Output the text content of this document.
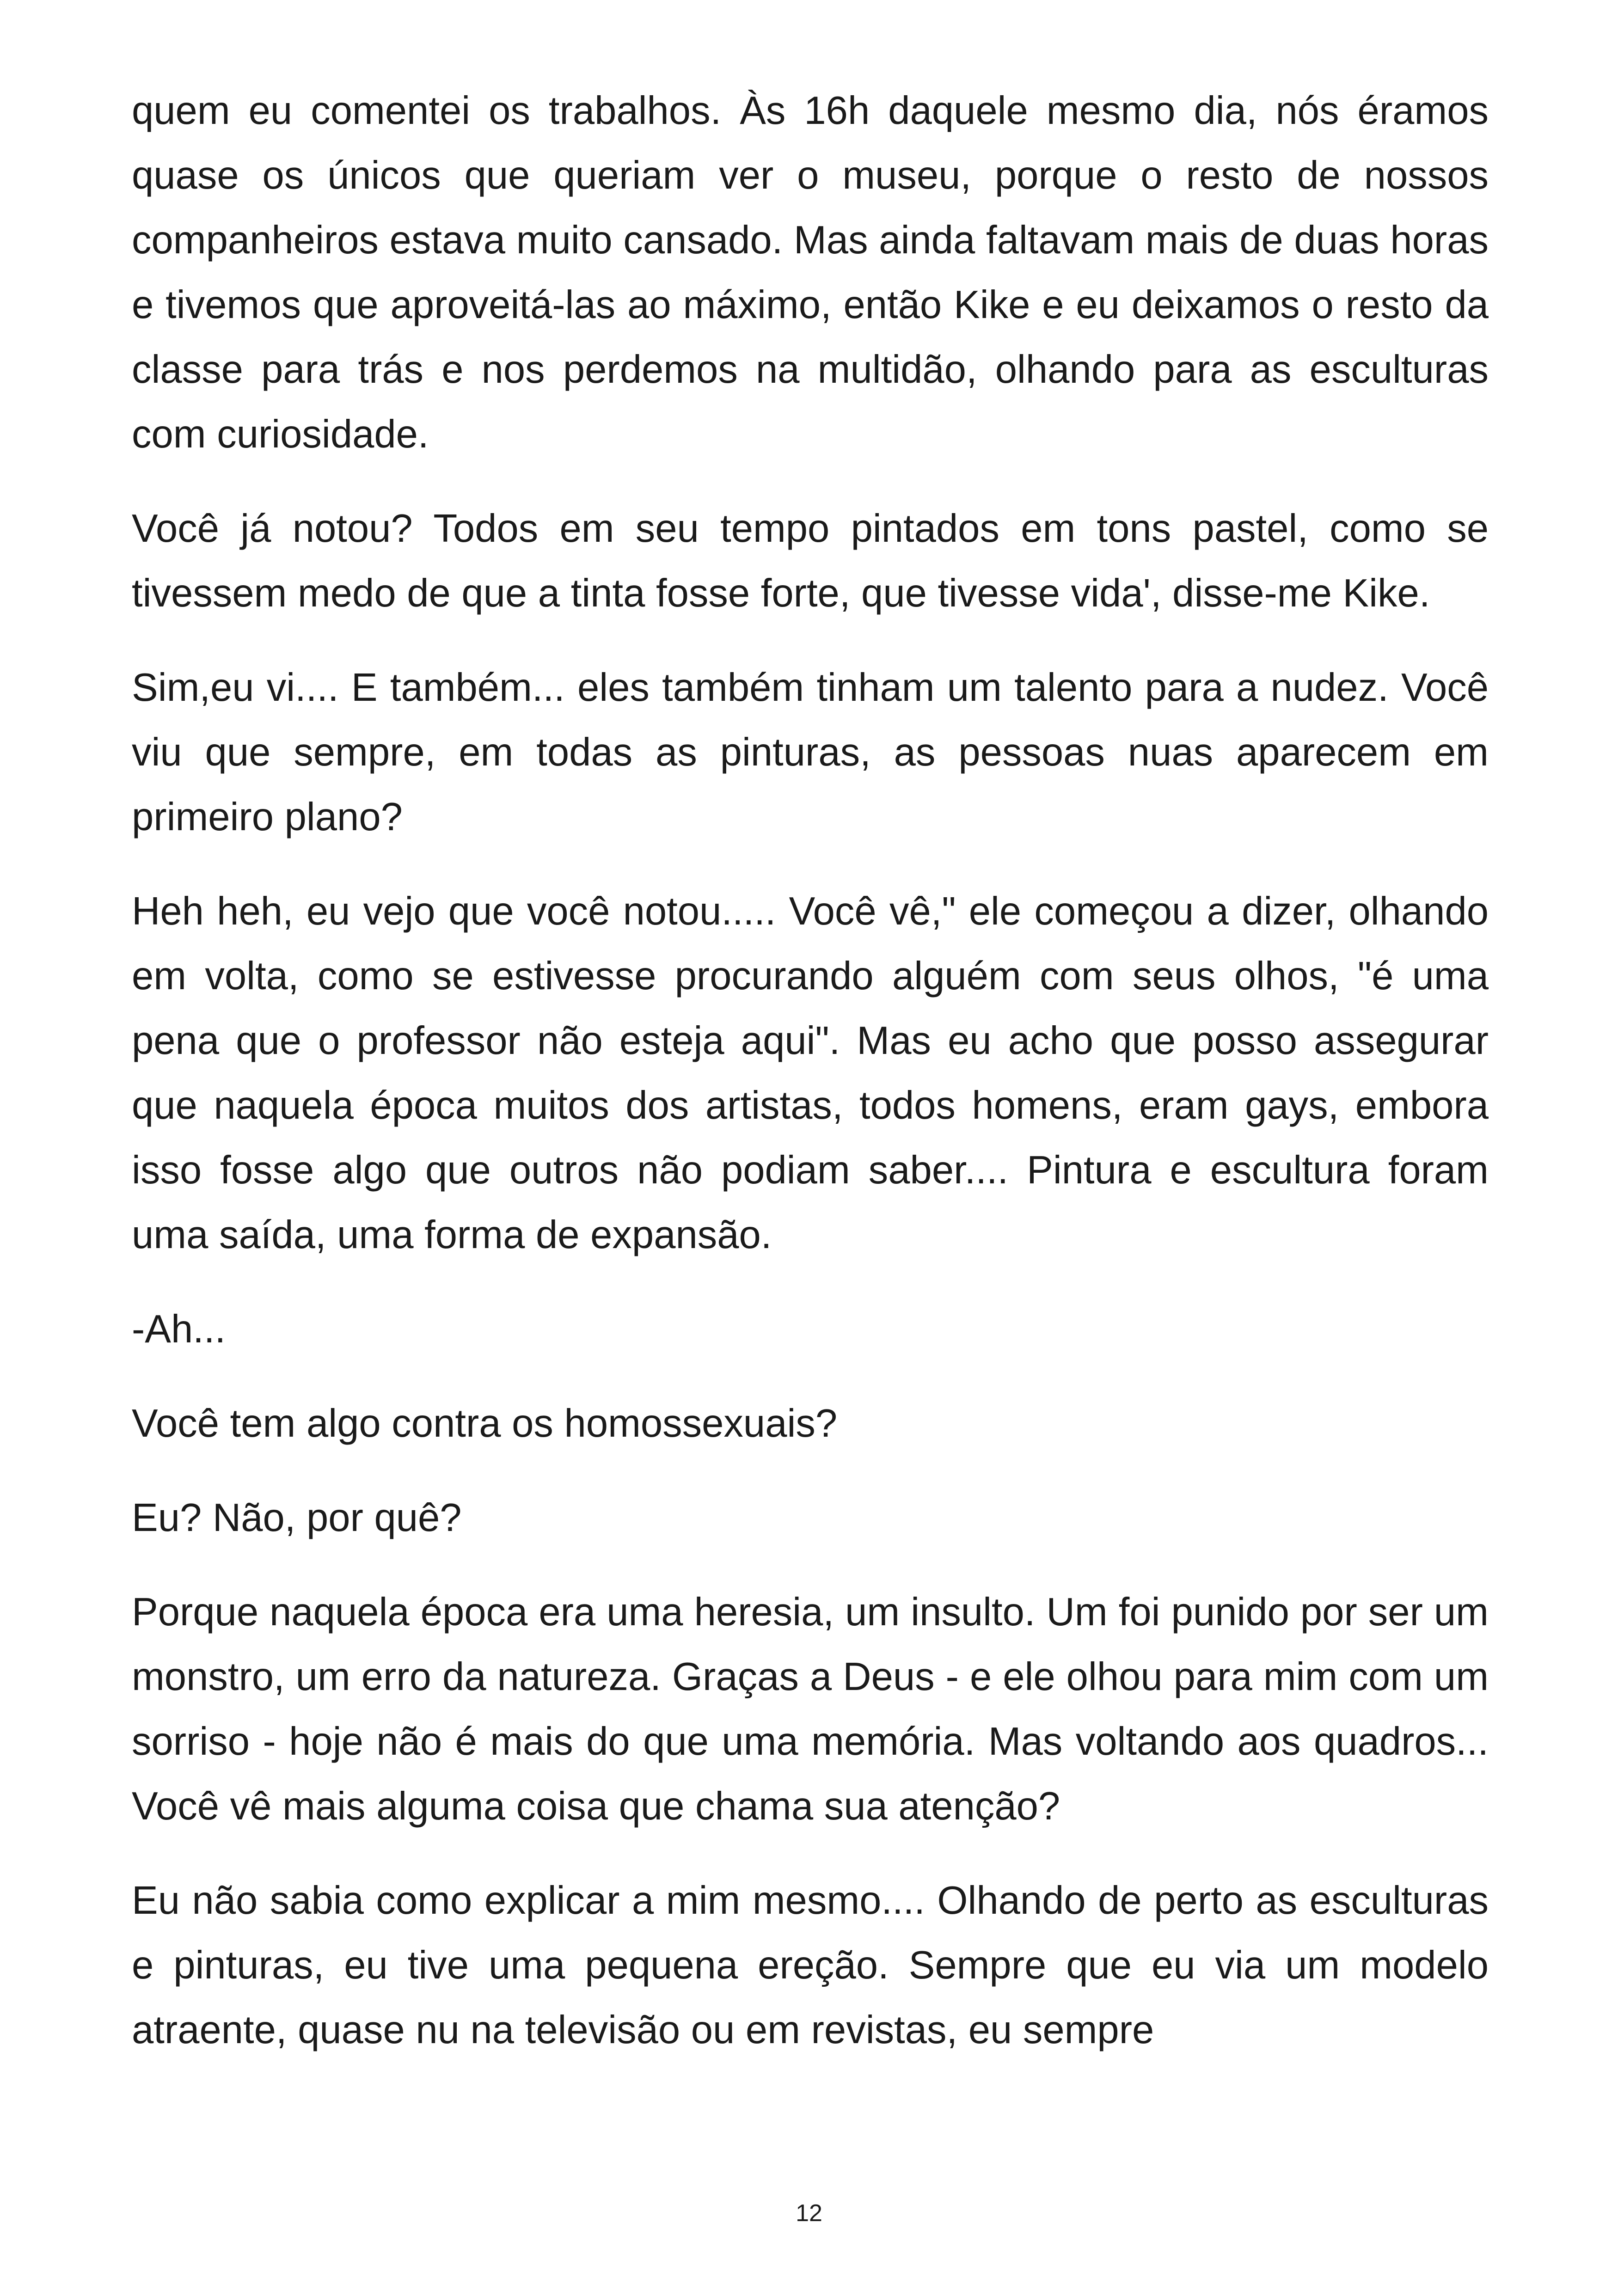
quem eu comentei os trabalhos. Às 16h daquele mesmo dia, nós éramos quase os únicos que queriam ver o museu, porque o resto de nossos companheiros estava muito cansado. Mas ainda faltavam mais de duas horas e tivemos que aproveitá-las ao máximo, então Kike e eu deixamos o resto da classe para trás e nos perdemos na multidão, olhando para as esculturas com curiosidade.

Você já notou? Todos em seu tempo pintados em tons pastel, como se tivessem medo de que a tinta fosse forte, que tivesse vida', disse-me Kike.

Sim,eu vi.... E também... eles também tinham um talento para a nudez. Você viu que sempre, em todas as pinturas, as pessoas nuas aparecem em primeiro plano?

Heh heh, eu vejo que você notou..... Você vê," ele começou a dizer, olhando em volta, como se estivesse procurando alguém com seus olhos, "é uma pena que o professor não esteja aqui". Mas eu acho que posso assegurar que naquela época muitos dos artistas, todos homens, eram gays, embora isso fosse algo que outros não podiam saber.... Pintura e escultura foram uma saída, uma forma de expansão.

-Ah...

Você tem algo contra os homossexuais?

Eu? Não, por quê?

Porque naquela época era uma heresia, um insulto. Um foi punido por ser um monstro, um erro da natureza. Graças a Deus - e ele olhou para mim com um sorriso - hoje não é mais do que uma memória. Mas voltando aos quadros... Você vê mais alguma coisa que chama sua atenção?

Eu não sabia como explicar a mim mesmo.... Olhando de perto as esculturas e pinturas, eu tive uma pequena ereção. Sempre que eu via um modelo atraente, quase nu na televisão ou em revistas, eu sempre

12
